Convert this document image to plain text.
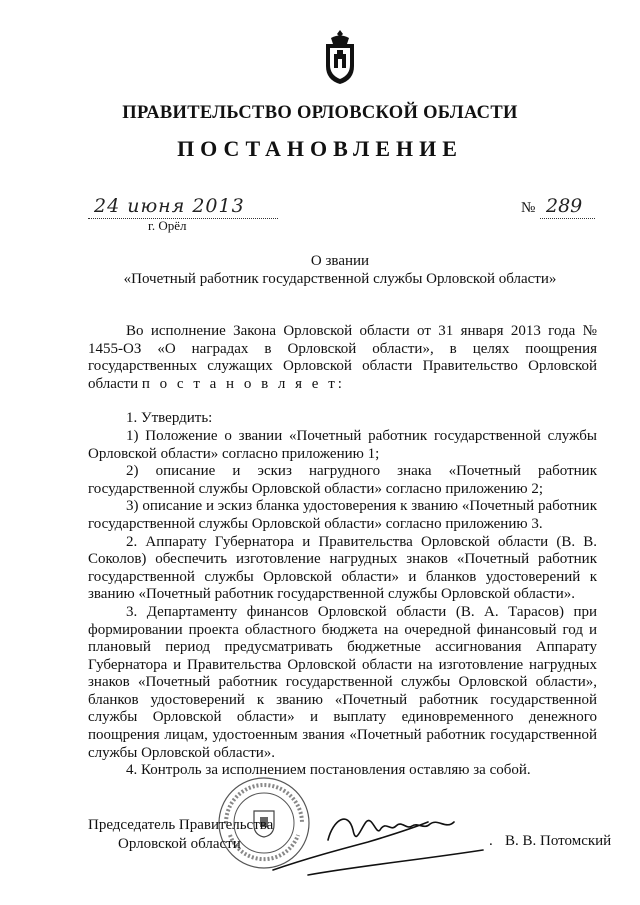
ПРАВИТЕЛЬСТВО ОРЛОВСКОЙ ОБЛАСТИ
ПОСТАНОВЛЕНИЕ
24 июня 2013
г. Орёл
№ 289
О звании
«Почетный работник государственной службы Орловской области»

Во исполнение Закона Орловской области от 31 января 2013 года № 1455-ОЗ «О наградах в Орловской области», в целях поощрения государственных служащих Орловской области Правительство Орловской области п о с т а н о в л я е т:

1. Утвердить:

1) Положение о звании «Почетный работник государственной службы Орловской области» согласно приложению 1;

2) описание и эскиз нагрудного знака «Почетный работник государственной службы Орловской области» согласно приложению 2;

3) описание и эскиз бланка удостоверения к званию «Почетный работник государственной службы Орловской области» согласно приложению 3.

2. Аппарату Губернатора и Правительства Орловской области (В. В. Соколов) обеспечить изготовление нагрудных знаков «Почетный работник государственной службы Орловской области» и бланков удостоверений к званию «Почетный работник государственной службы Орловской области».

3. Департаменту финансов Орловской области (В. А. Тарасов) при формировании проекта областного бюджета на очередной финансовый год и плановый период предусматривать бюджетные ассигнования Аппарату Губернатора и Правительства Орловской области на изготовление нагрудных знаков «Почетный работник государственной службы Орловской области», бланков удостоверений к званию «Почетный работник государственной службы Орловской области» и выплату единовременного денежного поощрения лицам, удостоенным звания «Почетный работник государственной службы Орловской области».

4. Контроль за исполнением постановления оставляю за собой.

Председатель Правительства
Орловской области	. В. В. Потомский
